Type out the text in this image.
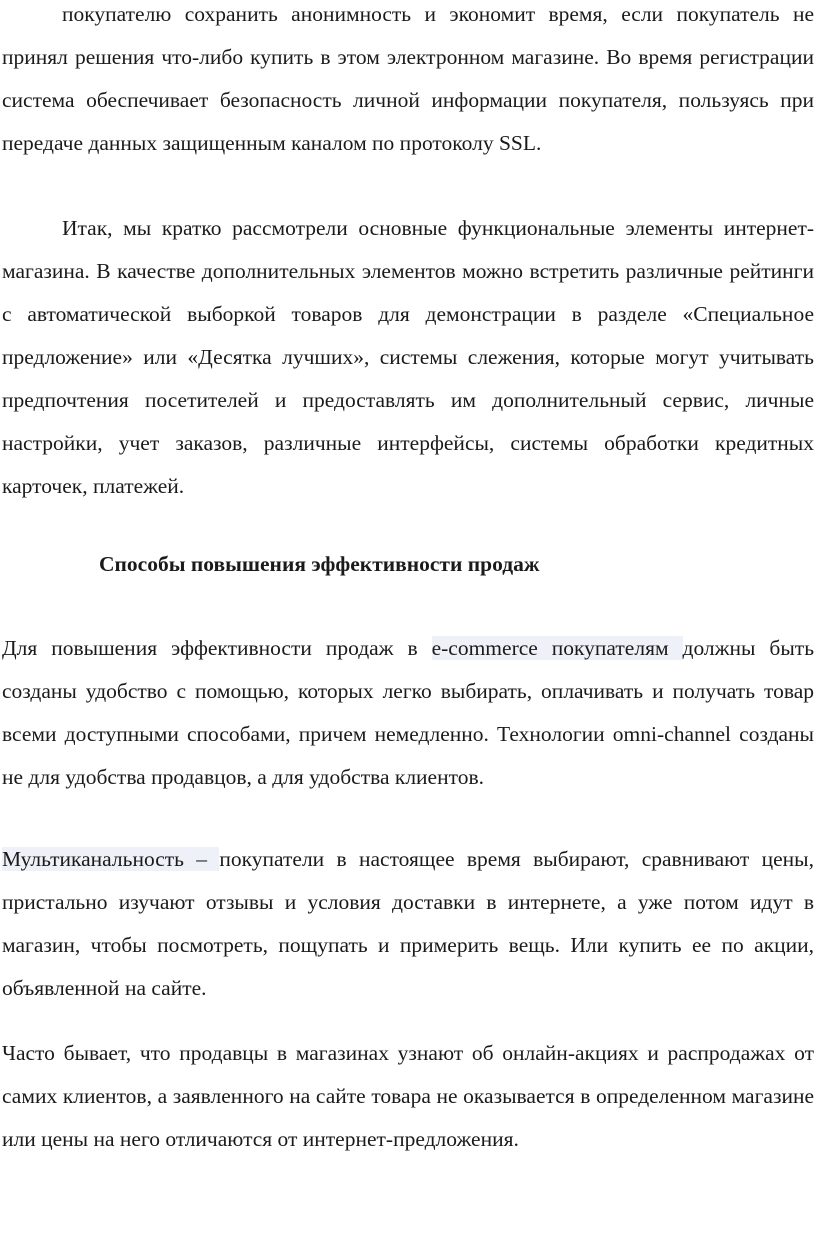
покупателю сохранить анонимность и экономит время, если покупатель не принял решения что-либо купить в этом электронном магазине. Во время регистрации система обеспечивает безопасность личной информации покупателя, пользуясь при передаче данных защищенным каналом по протоколу SSL.

Итак, мы кратко рассмотрели основные функциональные элементы интернет-магазина. В качестве дополнительных элементов можно встретить различные рейтинги с автоматической выборкой товаров для демонстрации в разделе «Специальное предложение» или «Десятка лучших», системы слежения, которые могут учитывать предпочтения посетителей и предоставлять им дополнительный сервис, личные настройки, учет заказов, различные интерфейсы, системы обработки кредитных карточек, платежей.

Способы повышения эффективности продаж

Для повышения эффективности продаж в e-commerce покупателям должны быть созданы удобство с помощью, которых легко выбирать, оплачивать и получать товар всеми доступными способами, причем немедленно. Технологии omni-channel созданы не для удобства продавцов, а для удобства клиентов.

Мультиканальность – покупатели в настоящее время выбирают, сравнивают цены, пристально изучают отзывы и условия доставки в интернете, а уже потом идут в магазин, чтобы посмотреть, пощупать и примерить вещь. Или купить ее по акции, объявленной на сайте.

Часто бывает, что продавцы в магазинах узнают об онлайн-акциях и распродажах от самих клиентов, а заявленного на сайте товара не оказывается в определенном магазине или цены на него отличаются от интернет-предложения.
